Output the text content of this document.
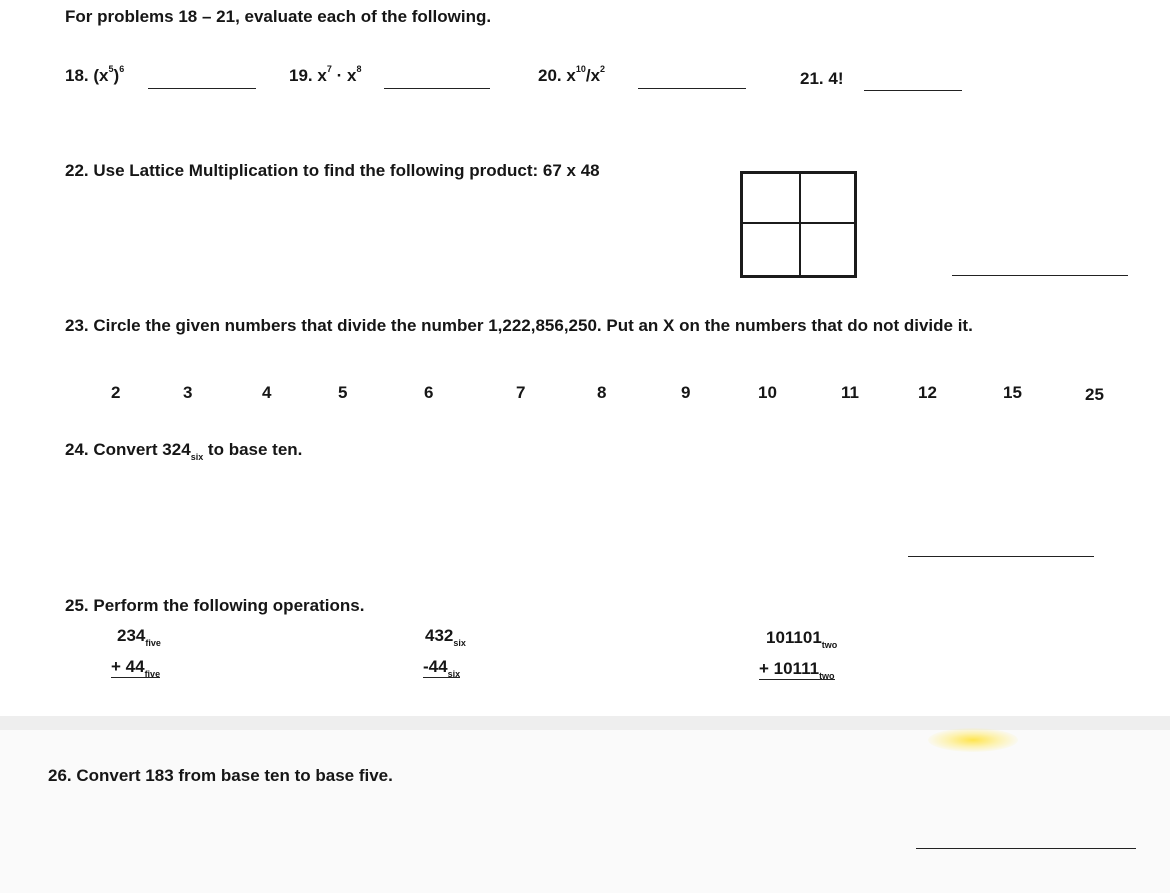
For problems 18 – 21, evaluate each of the following.
18. $(x^5)^6$	19. $x^7 \cdot x^8$	20. $x^{10}/x^2$	21. 4!
22. Use Lattice Multiplication to find the following product: 67 x 48
23. Circle the given numbers that divide the number 1,222,856,250. Put an X on the numbers that do not divide it.
2	3	4	5	6	7	8	9	10	11	12	15	25
24. Convert $324_{six}$ to base ten.
25. Perform the following operations.
$234_{five}$
+ $44_{five}$
$432_{six}$
$-44_{six}$
$101101_{two}$
+ $10111_{two}$
26. Convert 183 from base ten to base five.
